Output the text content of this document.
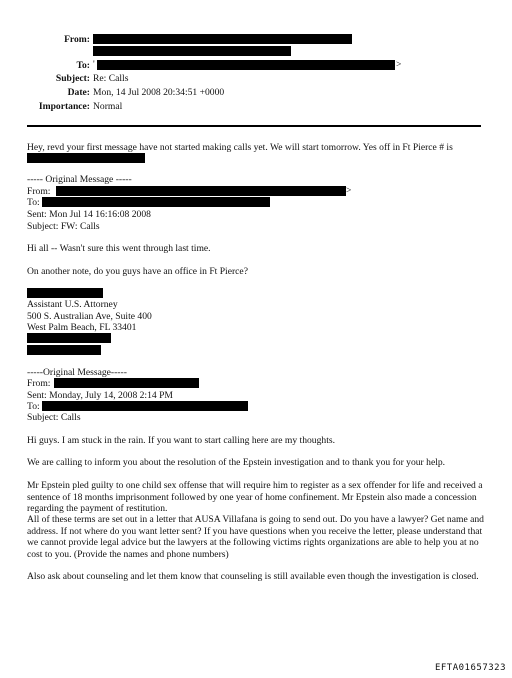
From:
To: '	>
Subject: Re: Calls
Date: Mon, 14 Jul 2008 20:34:51 +0000
Importance: Normal
Hey, revd your first message have not started making calls yet. We will start tomorrow. Yes off in Ft Pierce # is
----- Original Message -----
From:	>
To:
Sent: Mon Jul 14 16:16:08 2008
Subject: FW: Calls
Hi all -- Wasn't sure this went through last time.
On another note, do you guys have an office in Ft Pierce?
Assistant U.S. Attorney
500 S. Australian Ave, Suite 400
West Palm Beach, FL 33401
-----Original Message-----
From:
Sent: Monday, July 14, 2008 2:14 PM
To:
Subject: Calls
Hi guys. I am stuck in the rain. If you want to start calling here are my thoughts.
We are calling to inform you about the resolution of the Epstein investigation and to thank you for your help.
Mr Epstein pled guilty to one child sex offense that will require him to register as a sex offender for life and received a sentence of 18 months imprisonment followed by one year of home confinement. Mr Epstein also made a concession regarding the payment of restitution.
All of these terms are set out in a letter that AUSA Villafana is going to send out. Do you have a lawyer? Get name and address. If not where do you want letter sent? If you have questions when you receive the letter, please understand that we cannot provide legal advice but the lawyers at the following victims rights organizations are able to help you at no cost to you. (Provide the names and phone numbers)
Also ask about counseling and let them know that counseling is still available even though the investigation is closed.
EFTA01657323
